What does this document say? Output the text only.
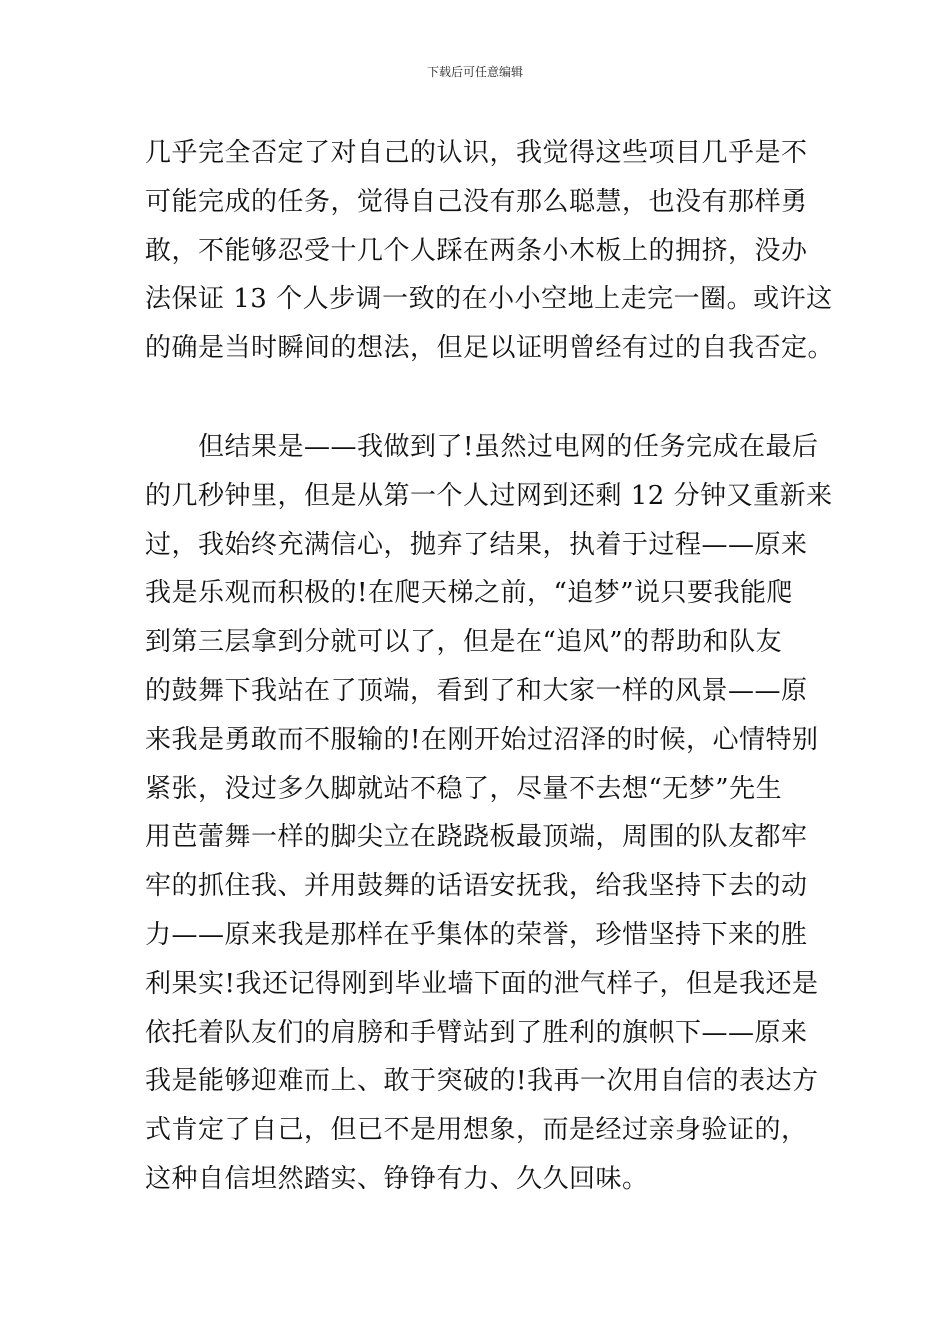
下载后可任意编辑
几乎完全否定了对自己的认识，我觉得这些项目几乎是不
可能完成的任务，觉得自己没有那么聪慧，也没有那样勇
敢，不能够忍受十几个人踩在两条小木板上的拥挤，没办
法保证 13 个人步调一致的在小小空地上走完一圈。或许这
的确是当时瞬间的想法，但足以证明曾经有过的自我否定。
　　但结果是——我做到了!虽然过电网的任务完成在最后
的几秒钟里，但是从第一个人过网到还剩 12 分钟又重新来
过，我始终充满信心，抛弃了结果，执着于过程——原来
我是乐观而积极的!在爬天梯之前，“追梦”说只要我能爬
到第三层拿到分就可以了，但是在“追风”的帮助和队友
的鼓舞下我站在了顶端，看到了和大家一样的风景——原
来我是勇敢而不服输的!在刚开始过沼泽的时候，心情特别
紧张，没过多久脚就站不稳了，尽量不去想“无梦”先生
用芭蕾舞一样的脚尖立在跷跷板最顶端，周围的队友都牢
牢的抓住我、并用鼓舞的话语安抚我，给我坚持下去的动
力——原来我是那样在乎集体的荣誉，珍惜坚持下来的胜
利果实!我还记得刚到毕业墙下面的泄气样子，但是我还是
依托着队友们的肩膀和手臂站到了胜利的旗帜下——原来
我是能够迎难而上、敢于突破的!我再一次用自信的表达方
式肯定了自己，但已不是用想象，而是经过亲身验证的，
这种自信坦然踏实、铮铮有力、久久回味。
